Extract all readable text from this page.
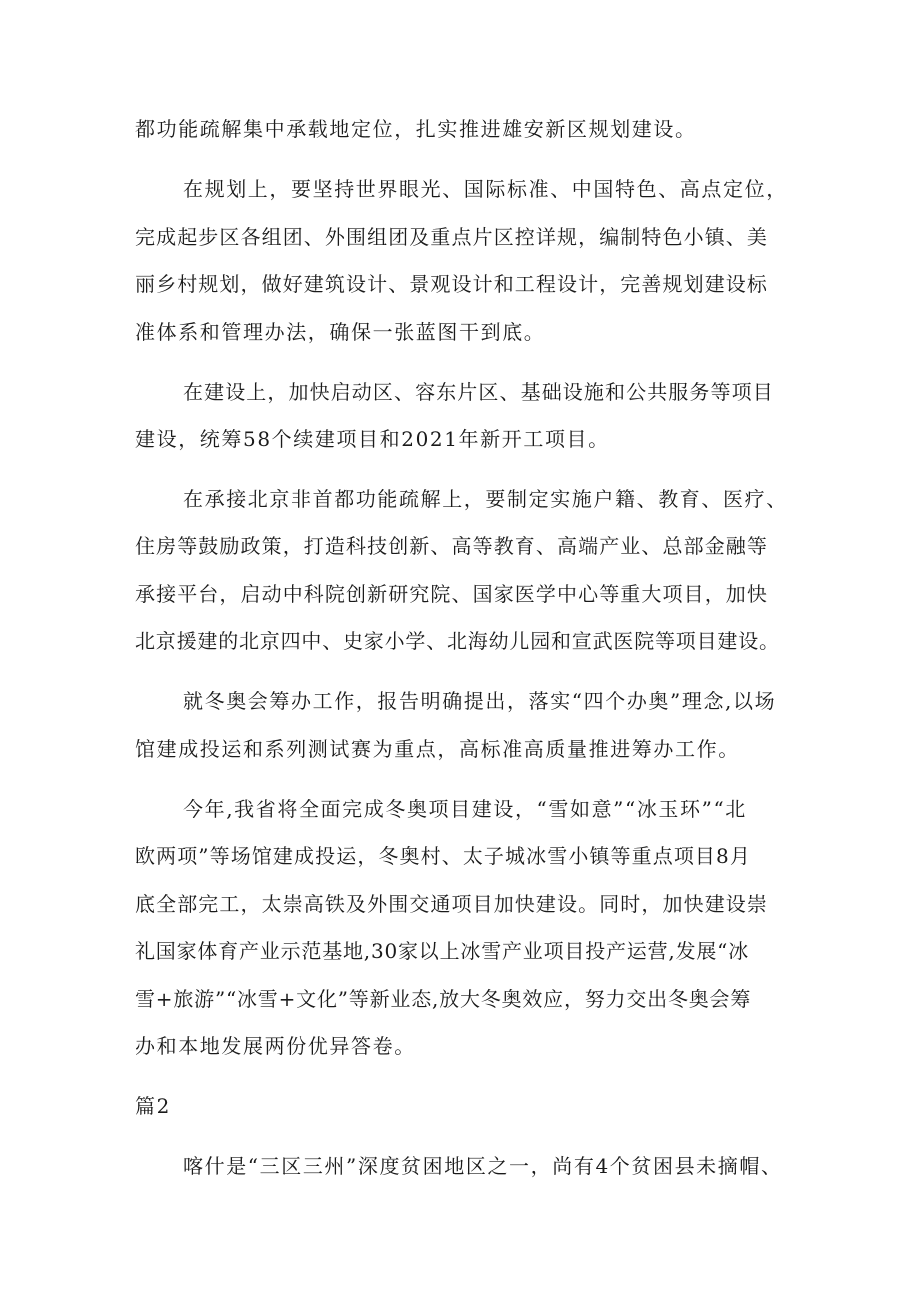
都功能疏解集中承载地定位，扎实推进雄安新区规划建设。

在规划上，要坚持世界眼光、国际标准、中国特色、高点定位，

完成起步区各组团、外围组团及重点片区控详规，编制特色小镇、美

丽乡村规划，做好建筑设计、景观设计和工程设计，完善规划建设标

准体系和管理办法，确保一张蓝图干到底。

在建设上，加快启动区、容东片区、基础设施和公共服务等项目

建设，统筹58个续建项目和2021年新开工项目。

在承接北京非首都功能疏解上，要制定实施户籍、教育、医疗、

住房等鼓励政策，打造科技创新、高等教育、高端产业、总部金融等

承接平台，启动中科院创新研究院、国家医学中心等重大项目，加快

北京援建的北京四中、史家小学、北海幼儿园和宣武医院等项目建设。

就冬奥会筹办工作，报告明确提出，落实“四个办奥”理念,以场

馆建成投运和系列测试赛为重点，高标准高质量推进筹办工作。

今年,我省将全面完成冬奥项目建设，“雪如意”“冰玉环”“北

欧两项”等场馆建成投运，冬奥村、太子城冰雪小镇等重点项目8月

底全部完工，太崇高铁及外围交通项目加快建设。同时，加快建设崇

礼国家体育产业示范基地,30家以上冰雪产业项目投产运营,发展“冰

雪+旅游”“冰雪+文化”等新业态,放大冬奥效应，努力交出冬奥会筹

办和本地发展两份优异答卷。

篇2

喀什是“三区三州”深度贫困地区之一，尚有4个贫困县未摘帽、
